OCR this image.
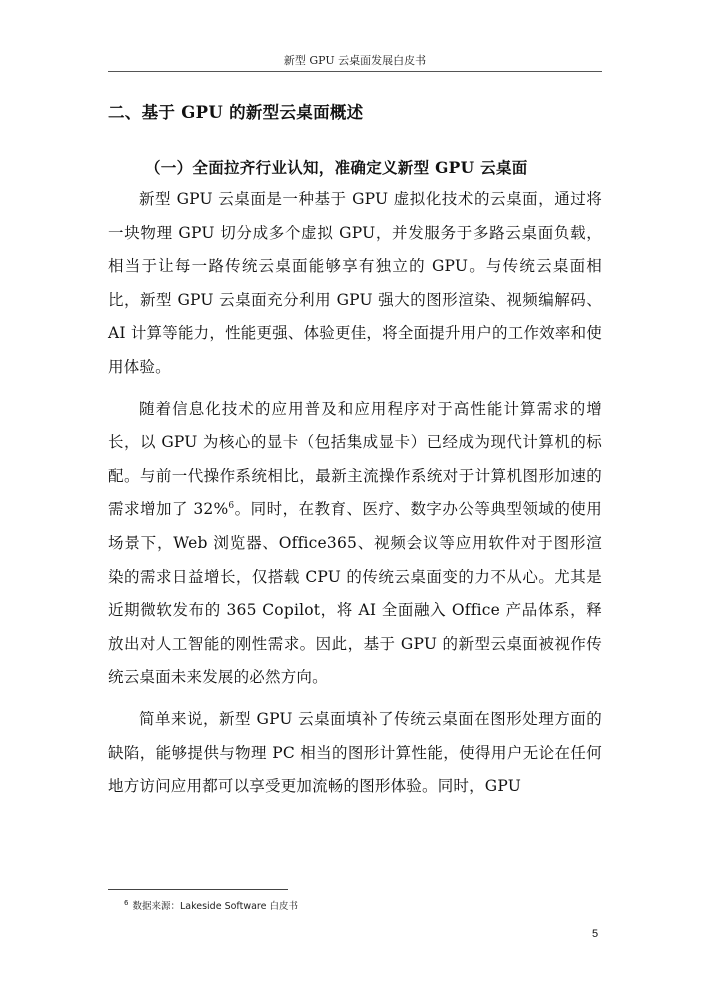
新型 GPU 云桌面发展白皮书
二、基于 GPU 的新型云桌面概述
（一）全面拉齐行业认知，准确定义新型 GPU 云桌面

新型 GPU 云桌面是一种基于 GPU 虚拟化技术的云桌面，通过将一块物理 GPU 切分成多个虚拟 GPU，并发服务于多路云桌面负载，相当于让每一路传统云桌面能够享有独立的 GPU。与传统云桌面相比，新型 GPU 云桌面充分利用 GPU 强大的图形渲染、视频编解码、AI 计算等能力，性能更强、体验更佳，将全面提升用户的工作效率和使用体验。

随着信息化技术的应用普及和应用程序对于高性能计算需求的增长，以 GPU 为核心的显卡（包括集成显卡）已经成为现代计算机的标配。与前一代操作系统相比，最新主流操作系统对于计算机图形加速的需求增加了 32%$^6$。同时，在教育、医疗、数字办公等典型领域的使用场景下，Web 浏览器、Office365、视频会议等应用软件对于图形渲染的需求日益增长，仅搭载 CPU 的传统云桌面变的力不从心。尤其是近期微软发布的 365 Copilot，将 AI 全面融入 Office 产品体系，释放出对人工智能的刚性需求。因此，基于 GPU 的新型云桌面被视作传统云桌面未来发展的必然方向。

简单来说，新型 GPU 云桌面填补了传统云桌面在图形处理方面的缺陷，能够提供与物理 PC 相当的图形计算性能，使得用户无论在任何地方访问应用都可以享受更加流畅的图形体验。同时，GPU

$^6$ 数据来源：Lakeside Software 白皮书
5
